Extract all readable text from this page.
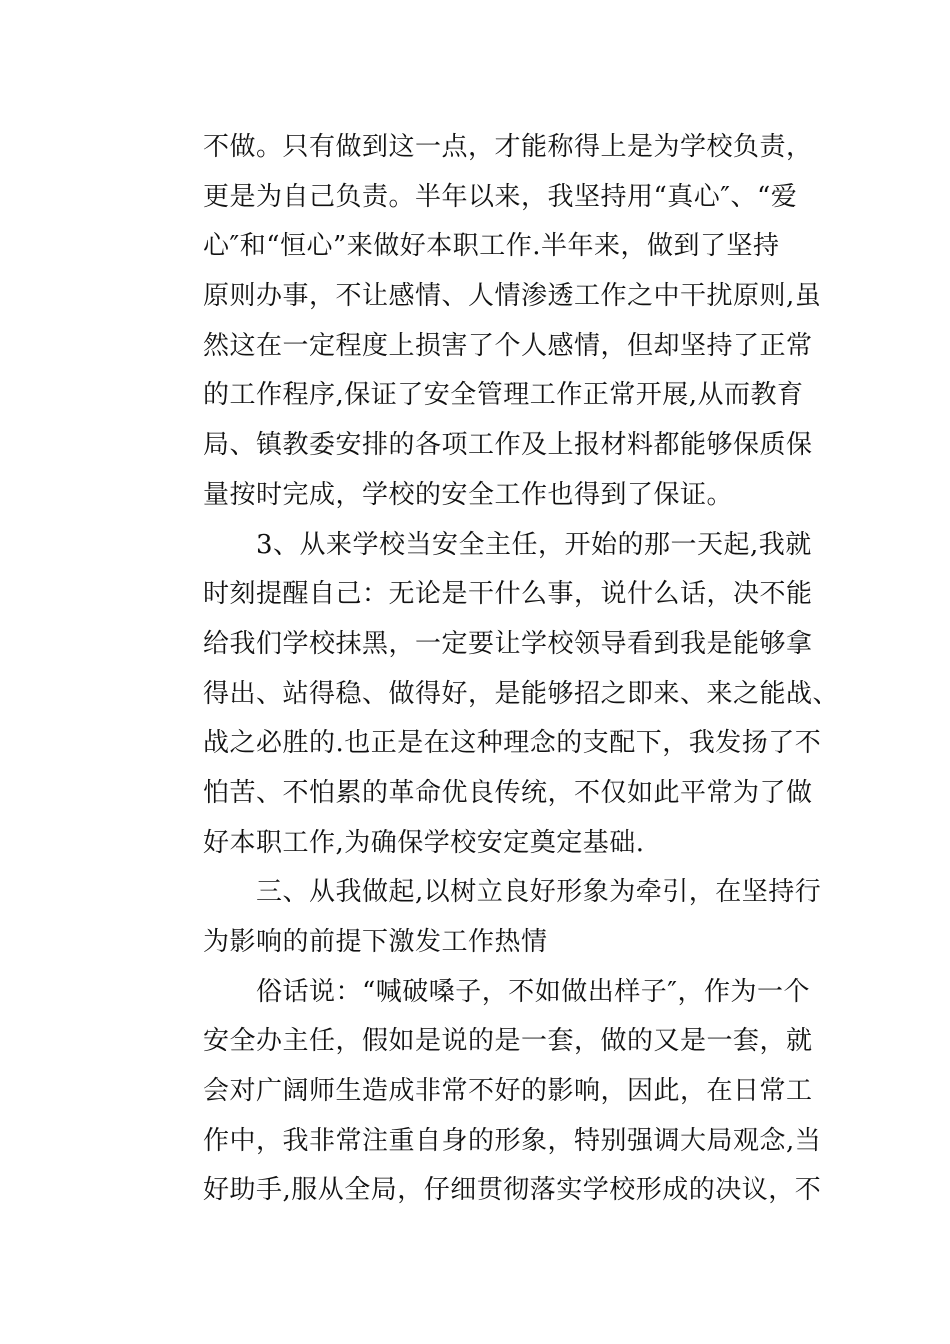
不做。只有做到这一点，才能称得上是为学校负责，
更是为自己负责。半年以来，我坚持用“真心″、“爱
心″和“恒心”来做好本职工作.半年来，做到了坚持
原则办事，不让感情、人情渗透工作之中干扰原则,虽
然这在一定程度上损害了个人感情，但却坚持了正常
的工作程序,保证了安全管理工作正常开展,从而教育
局、镇教委安排的各项工作及上报材料都能够保质保
量按时完成，学校的安全工作也得到了保证。
　　3、从来学校当安全主任，开始的那一天起,我就
时刻提醒自己：无论是干什么事，说什么话，决不能
给我们学校抹黑，一定要让学校领导看到我是能够拿
得出、站得稳、做得好，是能够招之即来、来之能战、
战之必胜的.也正是在这种理念的支配下，我发扬了不
怕苦、不怕累的革命优良传统，不仅如此平常为了做
好本职工作,为确保学校安定奠定基础.
　　三、从我做起,以树立良好形象为牵引，在坚持行
为影响的前提下激发工作热情
　　俗话说：“喊破嗓子，不如做出样子″，作为一个
安全办主任，假如是说的是一套，做的又是一套，就
会对广阔师生造成非常不好的影响，因此，在日常工
作中，我非常注重自身的形象，特别强调大局观念,当
好助手,服从全局，仔细贯彻落实学校形成的决议，不
